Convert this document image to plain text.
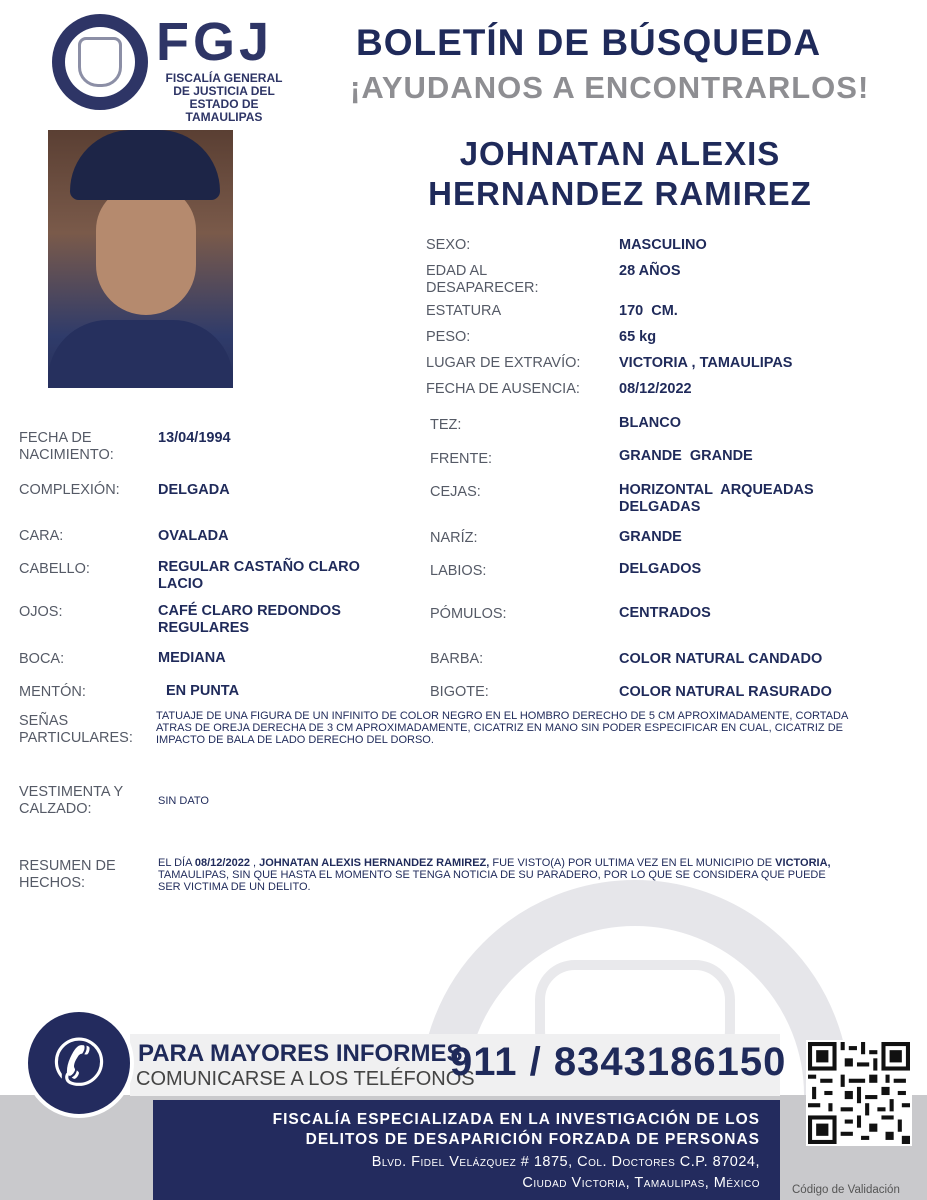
FGJ
FISCALÍA GENERAL DE JUSTICIA DEL ESTADO DE TAMAULIPAS
BOLETÍN DE BÚSQUEDA
¡AYUDANOS A ENCONTRARLOS!
JOHNATAN ALEXIS
HERNANDEZ RAMIREZ
SEXO:	MASCULINO
EDAD AL DESAPARECER:
28 AÑOS
ESTATURA	170  CM.
PESO:	65 kg
LUGAR DE EXTRAVÍO:	VICTORIA , TAMAULIPAS
FECHA DE AUSENCIA:	08/12/2022
FECHA DE NACIMIENTO:
13/04/1994
COMPLEXIÓN:	DELGADA
CARA:	OVALADA
CABELLO:	REGULAR CASTAÑO CLARO LACIO
OJOS:	CAFÉ CLARO REDONDOS REGULARES
BOCA:	MEDIANA
MENTÓN:	EN PUNTA
TEZ:	BLANCO
FRENTE:	GRANDE  GRANDE
CEJAS:	HORIZONTAL  ARQUEADAS DELGADAS
NARÍZ:	GRANDE
LABIOS:	DELGADOS
PÓMULOS:	CENTRADOS
BARBA:	COLOR NATURAL CANDADO
BIGOTE:	COLOR NATURAL RASURADO
SEÑAS PARTICULARES:
TATUAJE DE UNA FIGURA DE UN INFINITO DE COLOR NEGRO EN EL HOMBRO DERECHO DE 5 CM APROXIMADAMENTE, CORTADA ATRAS DE OREJA DERECHA DE 3 CM APROXIMADAMENTE, CICATRIZ EN MANO SIN PODER ESPECIFICAR EN CUAL, CICATRIZ DE IMPACTO DE BALA DE LADO DERECHO DEL DORSO.
VESTIMENTA Y CALZADO:	SIN DATO
RESUMEN DE HECHOS:
EL DÍA 08/12/2022 , JOHNATAN ALEXIS HERNANDEZ RAMIREZ, FUE VISTO(A) POR ULTIMA VEZ EN EL MUNICIPIO DE VICTORIA, TAMAULIPAS, SIN QUE HASTA EL MOMENTO SE TENGA NOTICIA DE SU PARADERO, POR LO QUE SE CONSIDERA QUE PUEDE SER VICTIMA DE UN DELITO.
✆ PARA MAYORES INFORMES,
COMUNICARSE A LOS TELÉFONOS
911 / 8343186150
FISCALÍA ESPECIALIZADA EN LA INVESTIGACIÓN DE LOS
DELITOS DE DESAPARICIÓN FORZADA DE PERSONAS
Blvd. Fidel Velázquez # 1875, Col. Doctores C.P. 87024,
Ciudad Victoria, Tamaulipas, México	Código de Validación
